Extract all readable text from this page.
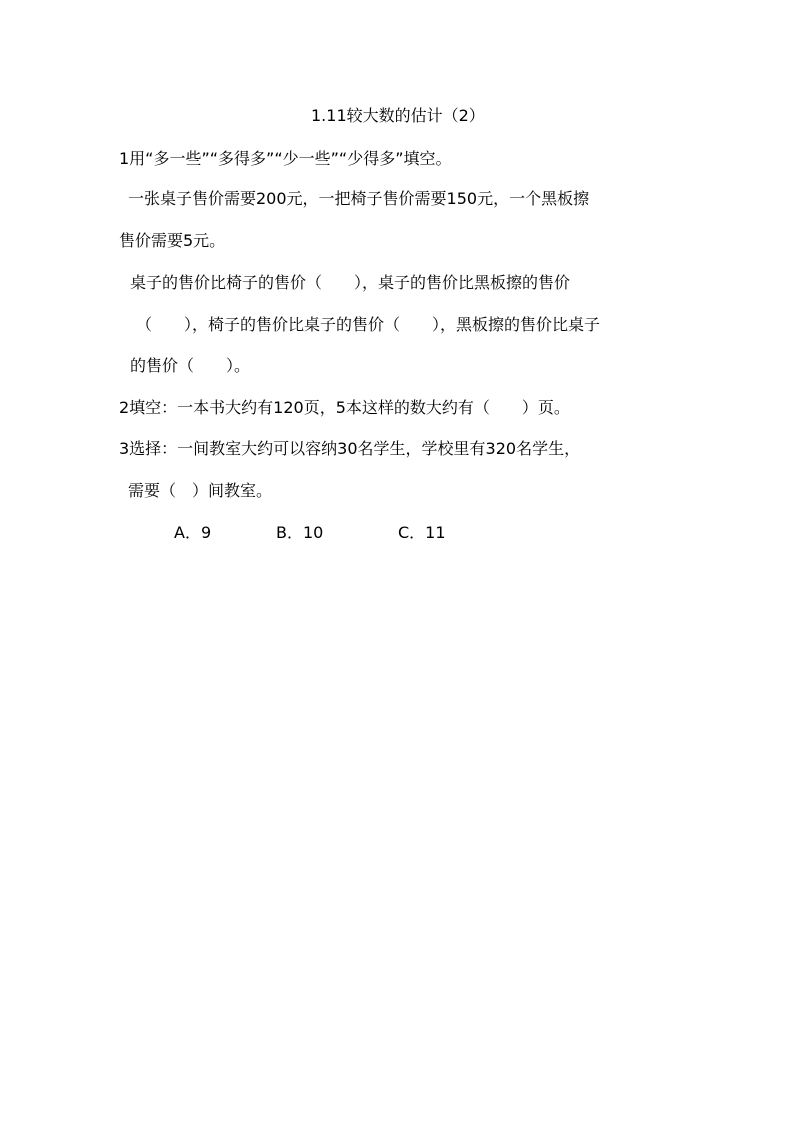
1.11较大数的估计（2）
1用“多一些”“多得多”“少一些”“少得多”填空。
一张桌子售价需要200元，一把椅子售价需要150元，一个黑板擦
售价需要5元。
桌子的售价比椅子的售价（　　），桌子的售价比黑板擦的售价
（　　），椅子的售价比桌子的售价（　　），黑板擦的售价比桌子
的售价（　　）。
2填空：一本书大约有120页，5本这样的数大约有（　　）页。
3选择：一间教室大约可以容纳30名学生，学校里有320名学生，
需要（　）间教室。
A．9	B．10	C．11
